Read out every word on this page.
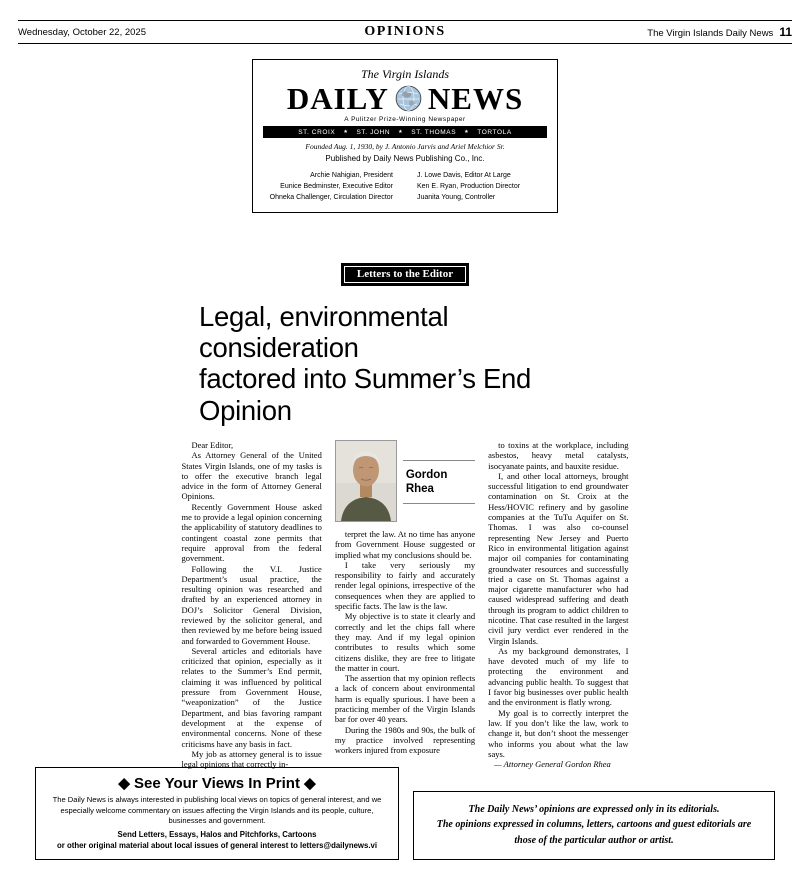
Wednesday, October 22, 2025	OPINIONS	The Virgin Islands Daily News 11
The Virgin Islands
DAILY NEWS
A Pulitzer Prize-Winning Newspaper
ST. CROIX	★ ST. JOHN	★ ST. THOMAS	★ TORTOLA
Founded Aug. 1, 1930, by J. Antonio Jarvis and Ariel Melchior Sr.
Published by Daily News Publishing Co., Inc.
Archie Nahigian, President
Eunice Bedminster, Executive Editor
Ohneka Challenger, Circulation Director
J. Lowe Davis, Editor At Large
Ken E. Ryan, Production Director
Juanita Young, Controller
Letters to the Editor
Legal, environmental consideration
factored into Summer’s End Opinion

Dear Editor,

As Attorney General of the United States Virgin Islands, one of my tasks is to offer the executive branch legal advice in the form of Attorney General Opinions.

Recently Government House asked me to provide a legal opinion concerning the applicability of statutory deadlines to contingent coastal zone permits that require approval from the federal government.

Following the V.I. Justice Department’s usual practice, the resulting opinion was researched and drafted by an experienced attorney in DOJ’s Solicitor General Division, reviewed by the solicitor general, and then reviewed by me before being issued and forwarded to Government House.

Several articles and editorials have criticized that opinion, especially as it relates to the Summer’s End permit, claiming it was influenced by political pressure from Government House, “weaponization” of the Justice Department, and bias favoring rampant development at the expense of environmental concerns. None of these criticisms have any basis in fact.

My job as attorney general is to issue legal opinions that correctly in-

Gordon Rhea

terpret the law. At no time has anyone from Government House suggested or implied what my conclusions should be.

I take very seriously my responsibility to fairly and accurately render legal opinions, irrespective of the consequences when they are applied to specific facts. The law is the law.

My objective is to state it clearly and correctly and let the chips fall where they may. And if my legal opinion contributes to results which some citizens dislike, they are free to litigate the matter in court.

The assertion that my opinion reflects a lack of concern about environmental harm is equally spurious. I have been a practicing member of the Virgin Islands bar for over 40 years.

During the 1980s and 90s, the bulk of my practice involved representing workers injured from exposure

to toxins at the workplace, including asbestos, heavy metal catalysts, isocyanate paints, and bauxite residue.

I, and other local attorneys, brought successful litigation to end groundwater contamination on St. Croix at the Hess/HOVIC refinery and by gasoline companies at the TuTu Aquifer on St. Thomas. I was also co-counsel representing New Jersey and Puerto Rico in environmental litigation against major oil companies for contaminating groundwater resources and successfully tried a case on St. Thomas against a major cigarette manufacturer who had caused widespread suffering and death through its program to addict children to nicotine. That case resulted in the largest civil jury verdict ever rendered in the Virgin Islands.

As my background demonstrates, I have devoted much of my life to protecting the environment and advancing public health. To suggest that I favor big businesses over public health and the environment is flatly wrong.

My goal is to correctly interpret the law. If you don’t like the law, work to change it, but don’t shoot the messenger who informs you about what the law says.

— Attorney General Gordon Rhea

◆ See Your Views In Print ◆
The Daily News is always interested in publishing local views on topics of general interest, and we especially welcome commentary on issues affecting the Virgin Islands and its people, culture, businesses and government.
Send Letters, Essays, Halos and Pitchforks, Cartoons
or other original material about local issues of general interest to letters@dailynews.vi
The Daily News’ opinions are expressed only in its editorials.
The opinions expressed in columns, letters, cartoons and guest editorials are those of the particular author or artist.
